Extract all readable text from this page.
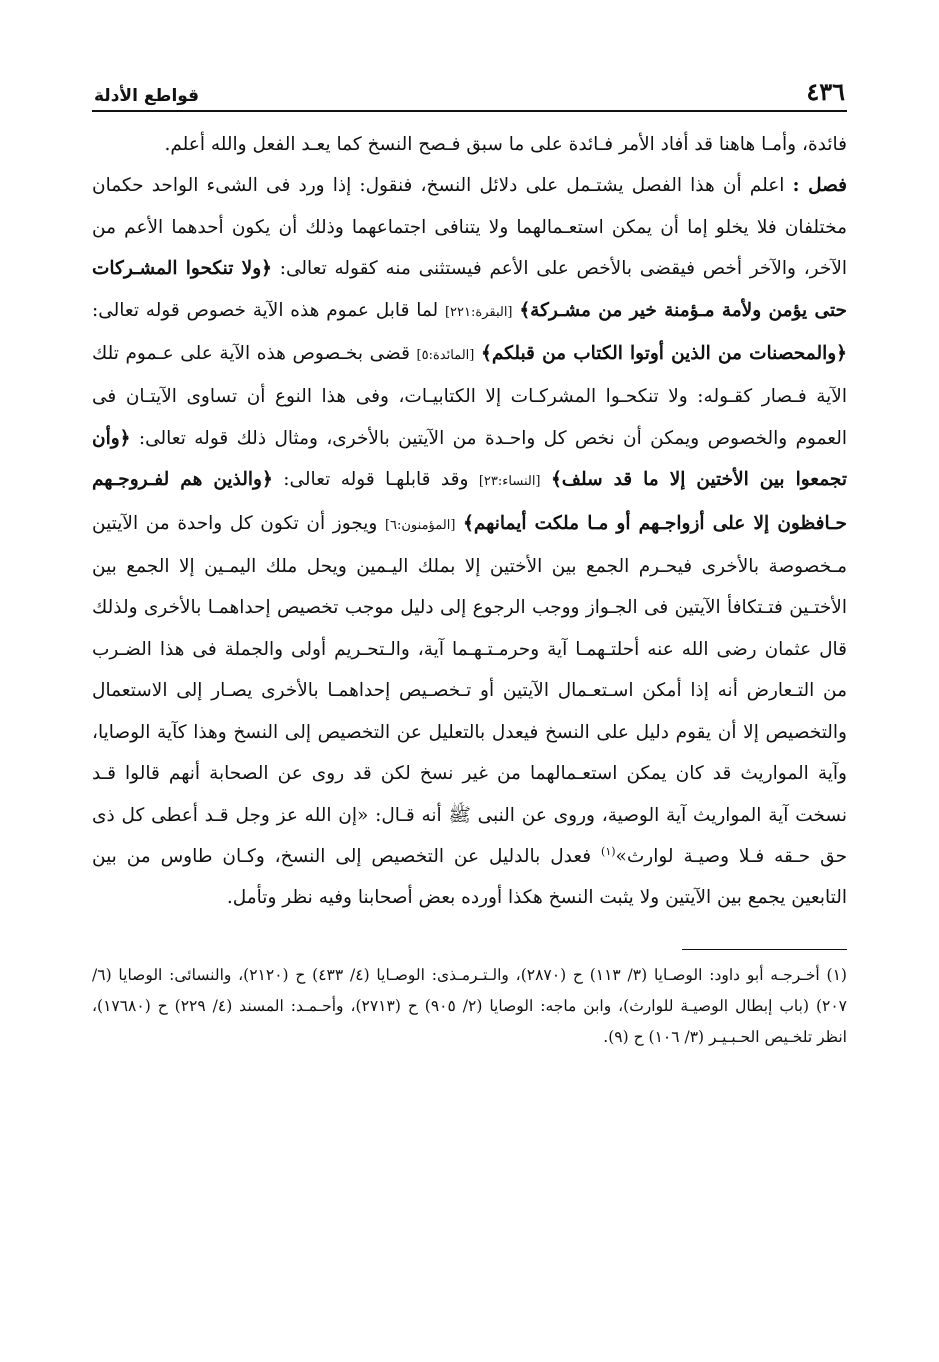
٤٣٦
قواطع الأدلة

فائدة، وأمـا هاهنا قد أفاد الأمر فـائدة على ما سبق فـصح النسخ كما يعـد الفعل والله أعلم.

فصل : اعلم أن هذا الفصل يشتـمل على دلائل النسخ، فنقول: إذا ورد فى الشىء الواحد حكمان مختلفان فلا يخلو إما أن يمكن استعـمالهما ولا يتنافى اجتماعهما وذلك أن يكون أحدهما الأعم من الآخر، والآخر أخص فيقضى بالأخص على الأعم فيستثنى منه كقوله تعالى: ﴿ولا تنكحوا المشـركات حتى يؤمن ولأمة مـؤمنة خير من مشـركة﴾ [البقرة:٢٢١] لما قابل عموم هذه الآية خصوص قوله تعالى: ﴿والمحصنات من الذين أوتوا الكتاب من قبلكم﴾ [المائدة:٥] قضى بخـصوص هذه الآية على عـموم تلك الآية فـصار كقـوله: ولا تنكحـوا المشركـات إلا الكتابيـات، وفى هذا النوع أن تساوى الآيتـان فى العموم والخصوص ويمكن أن نخص كل واحـدة من الآيتين بالأخرى، ومثال ذلك قوله تعالى: ﴿وأن تجمعوا بين الأختين إلا ما قد سلف﴾ [النساء:٢٣] وقد قابلهـا قوله تعالى: ﴿والذين هم لفـروجـهم حـافظون إلا على أزواجـهم أو مـا ملكت أيمانهم﴾ [المؤمنون:٦] ويجوز أن تكون كل واحدة من الآيتين مـخصوصة بالأخرى فيحـرم الجمع بين الأختين إلا بملك اليـمين ويحل ملك اليمـين إلا الجمع بين الأختـين فتـتكافأ الآيتين فى الجـواز ووجب الرجوع إلى دليل موجب تخصيص إحداهمـا بالأخرى ولذلك قال عثمان رضى الله عنه أحلتـهمـا آية وحرمـتـهـما آية، والـتحـريم أولى والجملة فى هذا الضـرب من التـعارض أنه إذا أمكن اسـتعـمال الآيتين أو تـخصـيص إحداهمـا بالأخرى يصـار إلى الاستعمال والتخصيص إلا أن يقوم دليل على النسخ فيعدل بالتعليل عن التخصيص إلى النسخ وهذا كآية الوصايا، وآية المواريث قد كان يمكن استعـمالهما من غير نسخ لكن قد روى عن الصحابة أنهم قالوا قـد نسخت آية المواريث آية الوصية، وروى عن النبى ﷺ أنه قـال: «إن الله عز وجل قـد أعطى كل ذى حق حـقه فـلا وصيـة لوارث»$^{(١)}$ فعدل بالدليل عن التخصيص إلى النسخ، وكـان طاوس من بين التابعين يجمع بين الآيتين ولا يثبت النسخ هكذا أورده بعض أصحابنا وفيه نظر وتأمل.

(١) أخـرجـه أبو داود: الوصـايا (٣/ ١١٣) ح (٢٨٧٠)، والـتـرمـذى: الوصـايا (٤/ ٤٣٣) ح (٢١٢٠)، والنسائى: الوصايا (٦/ ٢٠٧) (باب إبطال الوصيـة للوارث)، وابن ماجه: الوصايا (٢/ ٩٠٥) ح (٢٧١٣)، وأحـمـد: المسند (٤/ ٢٢٩) ح (١٧٦٨٠)، انظر تلخـيص الحـبـيـر (٣/ ١٠٦) ح (٩).
